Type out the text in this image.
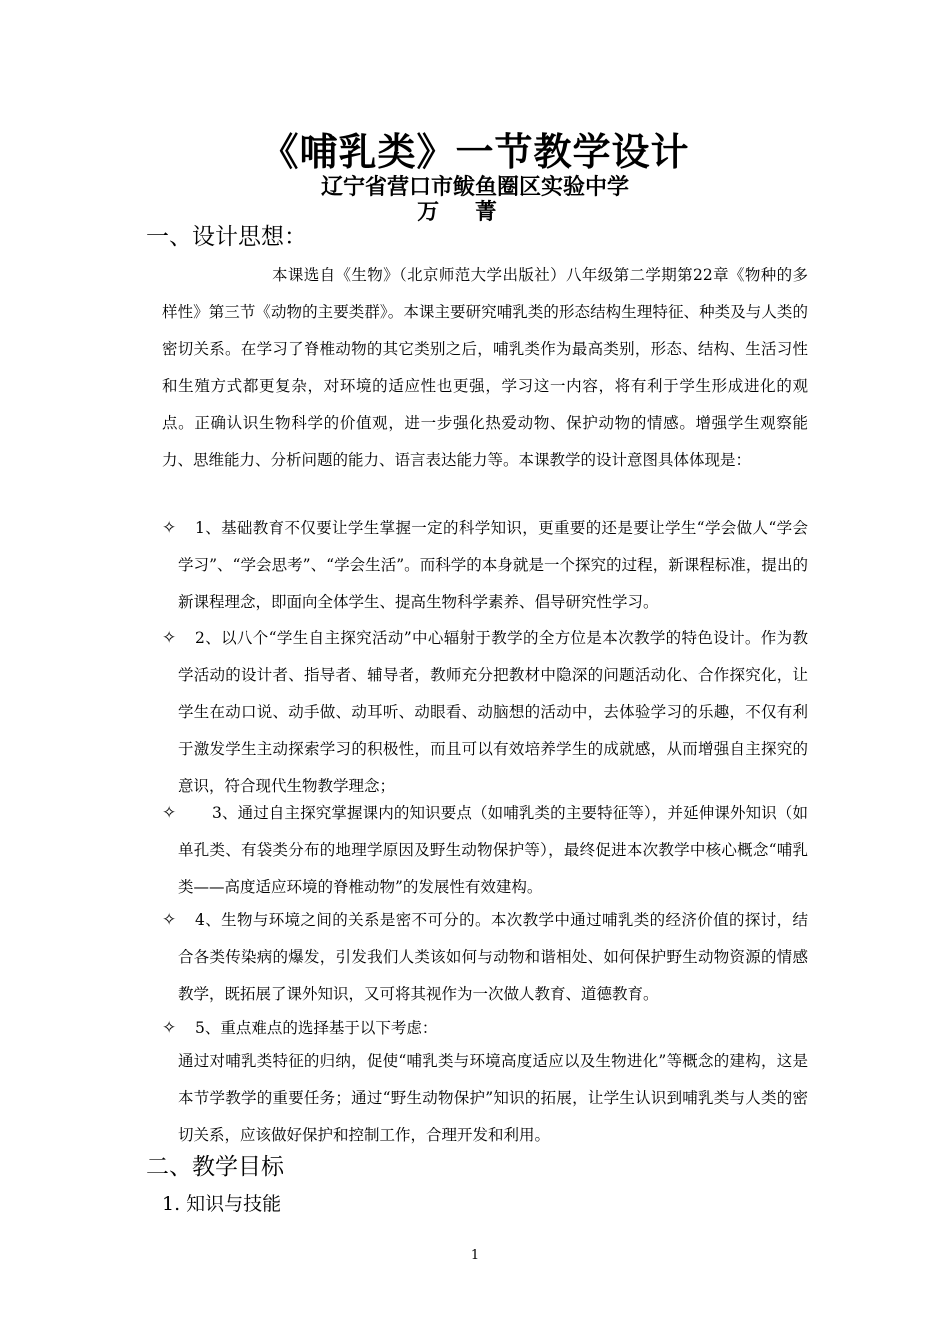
《哺乳类》一节教学设计
辽宁省营口市鲅鱼圈区实验中学
万 菁
一、设计思想：

本课选自《生物》（北京师范大学出版社）八年级第二学期第22章《物种的多样性》第三节《动物的主要类群》。本课主要研究哺乳类的形态结构生理特征、种类及与人类的密切关系。在学习了脊椎动物的其它类别之后，哺乳类作为最高类别，形态、结构、生活习性和生殖方式都更复杂，对环境的适应性也更强，学习这一内容，将有利于学生形成进化的观点。正确认识生物科学的价值观，进一步强化热爱动物、保护动物的情感。增强学生观察能力、思维能力、分析问题的能力、语言表达能力等。本课教学的设计意图具体体现是：

✧	1、基础教育不仅要让学生掌握一定的科学知识，更重要的还是要让学生“学会做人“学会学习”、“学会思考”、“学会生活”。而科学的本身就是一个探究的过程，新课程标准，提出的新课程理念，即面向全体学生、提高生物科学素养、倡导研究性学习。

✧	2、以八个“学生自主探究活动”中心辐射于教学的全方位是本次教学的特色设计。作为教学活动的设计者、指导者、辅导者，教师充分把教材中隐深的问题活动化、合作探究化，让学生在动口说、动手做、动耳听、动眼看、动脑想的活动中，去体验学习的乐趣，不仅有利于激发学生主动探索学习的积极性，而且可以有效培养学生的成就感，从而增强自主探究的意识，符合现代生物教学理念；

✧	3、通过自主探究掌握课内的知识要点（如哺乳类的主要特征等），并延伸课外知识（如单孔类、有袋类分布的地理学原因及野生动物保护等），最终促进本次教学中核心概念“哺乳类——高度适应环境的脊椎动物”的发展性有效建构。

✧	4、生物与环境之间的关系是密不可分的。本次教学中通过哺乳类的经济价值的探讨，结合各类传染病的爆发，引发我们人类该如何与动物和谐相处、如何保护野生动物资源的情感教学，既拓展了课外知识，又可将其视作为一次做人教育、道德教育。

✧	5、重点难点的选择基于以下考虑：

通过对哺乳类特征的归纳，促使“哺乳类与环境高度适应以及生物进化”等概念的建构，这是本节学教学的重要任务；通过“野生动物保护”知识的拓展，让学生认识到哺乳类与人类的密切关系，应该做好保护和控制工作，合理开发和利用。

二、教学目标
1. 知识与技能
1
